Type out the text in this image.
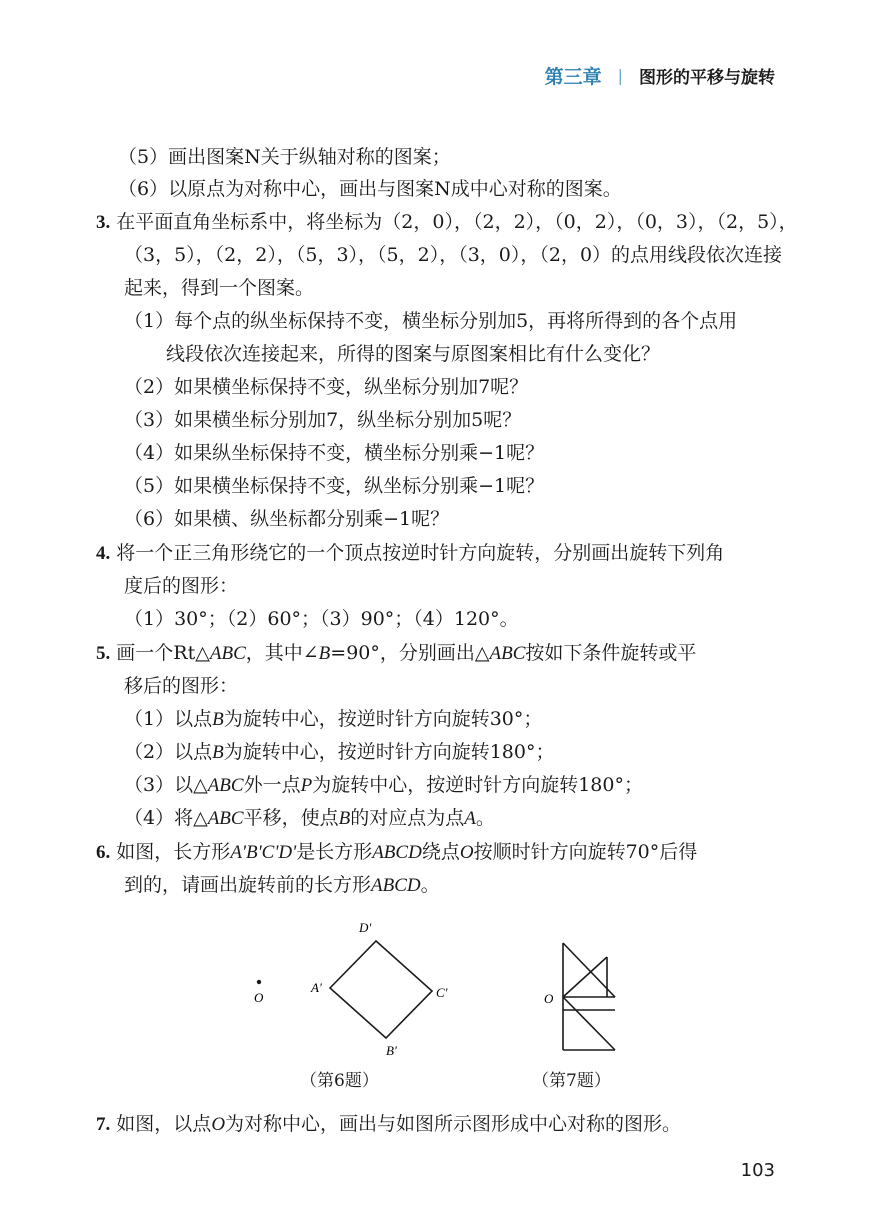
第三章 | 图形的平移与旋转
（5）画出图案N关于纵轴对称的图案；
（6）以原点为对称中心，画出与图案N成中心对称的图案。
3. 在平面直角坐标系中，将坐标为（2，0），（2，2），（0，2），（0，3），（2，5），
（3，5），（2，2），（5，3），（5，2），（3，0），（2，0）的点用线段依次连接
起来，得到一个图案。
（1）每个点的纵坐标保持不变，横坐标分别加5，再将所得到的各个点用
线段依次连接起来，所得的图案与原图案相比有什么变化？
（2）如果横坐标保持不变，纵坐标分别加7呢？
（3）如果横坐标分别加7，纵坐标分别加5呢？
（4）如果纵坐标保持不变，横坐标分别乘−1呢？
（5）如果横坐标保持不变，纵坐标分别乘−1呢？
（6）如果横、纵坐标都分别乘−1呢？
4. 将一个正三角形绕它的一个顶点按逆时针方向旋转，分别画出旋转下列角
度后的图形：
（1）30°；（2）60°；（3）90°；（4）120°。
5. 画一个Rt△ABC，其中∠B=90°，分别画出△ABC按如下条件旋转或平
移后的图形：
（1）以点B为旋转中心，按逆时针方向旋转30°；
（2）以点B为旋转中心，按逆时针方向旋转180°；
（3）以△ABC外一点P为旋转中心，按逆时针方向旋转180°；
（4）将△ABC平移，使点B的对应点为点A。
6. 如图，长方形A'B'C'D'是长方形ABCD绕点O按顺时针方向旋转70°后得
到的，请画出旋转前的长方形ABCD。
O
A'
D'
C'
B'
（第6题）
O
（第7题）
7. 如图，以点O为对称中心，画出与如图所示图形成中心对称的图形。
103
